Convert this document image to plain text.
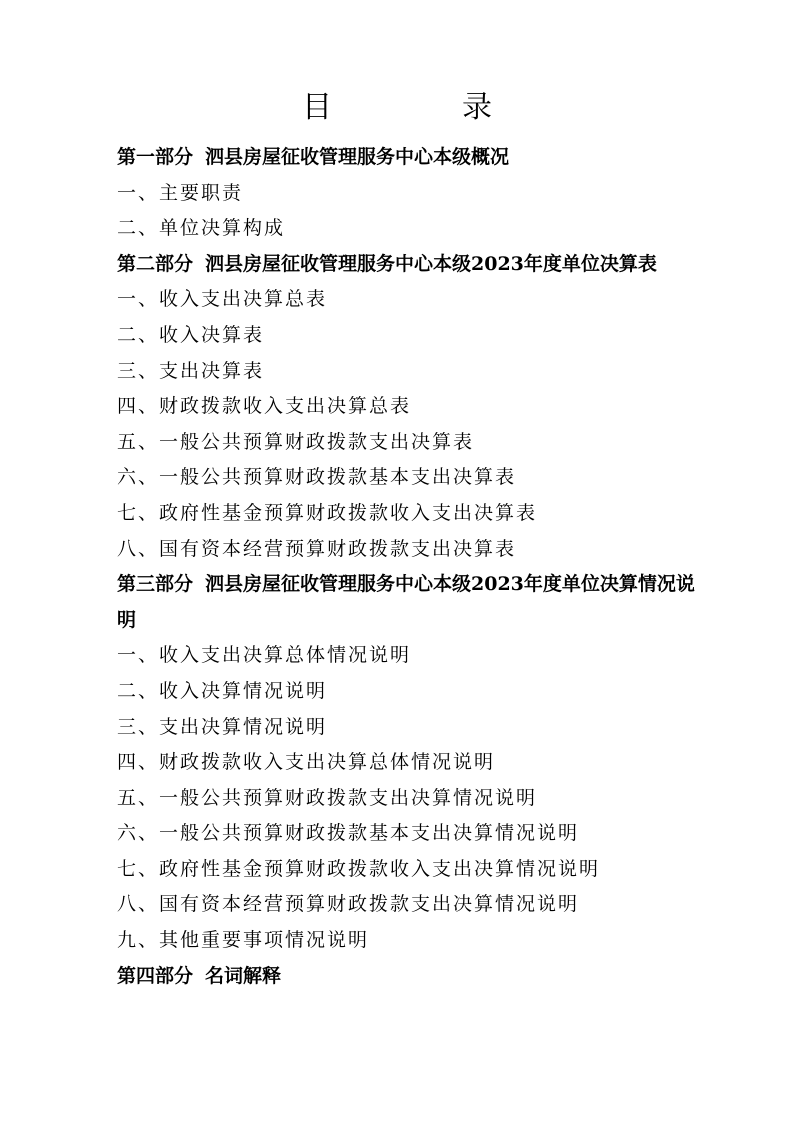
目　录
第一部分 泗县房屋征收管理服务中心本级概况
一、主要职责
二、单位决算构成
第二部分 泗县房屋征收管理服务中心本级2023年度单位决算表
一、收入支出决算总表
二、收入决算表
三、支出决算表
四、财政拨款收入支出决算总表
五、一般公共预算财政拨款支出决算表
六、一般公共预算财政拨款基本支出决算表
七、政府性基金预算财政拨款收入支出决算表
八、国有资本经营预算财政拨款支出决算表
第三部分 泗县房屋征收管理服务中心本级2023年度单位决算情况说明
一、收入支出决算总体情况说明
二、收入决算情况说明
三、支出决算情况说明
四、财政拨款收入支出决算总体情况说明
五、一般公共预算财政拨款支出决算情况说明
六、一般公共预算财政拨款基本支出决算情况说明
七、政府性基金预算财政拨款收入支出决算情况说明
八、国有资本经营预算财政拨款支出决算情况说明
九、其他重要事项情况说明
第四部分 名词解释
